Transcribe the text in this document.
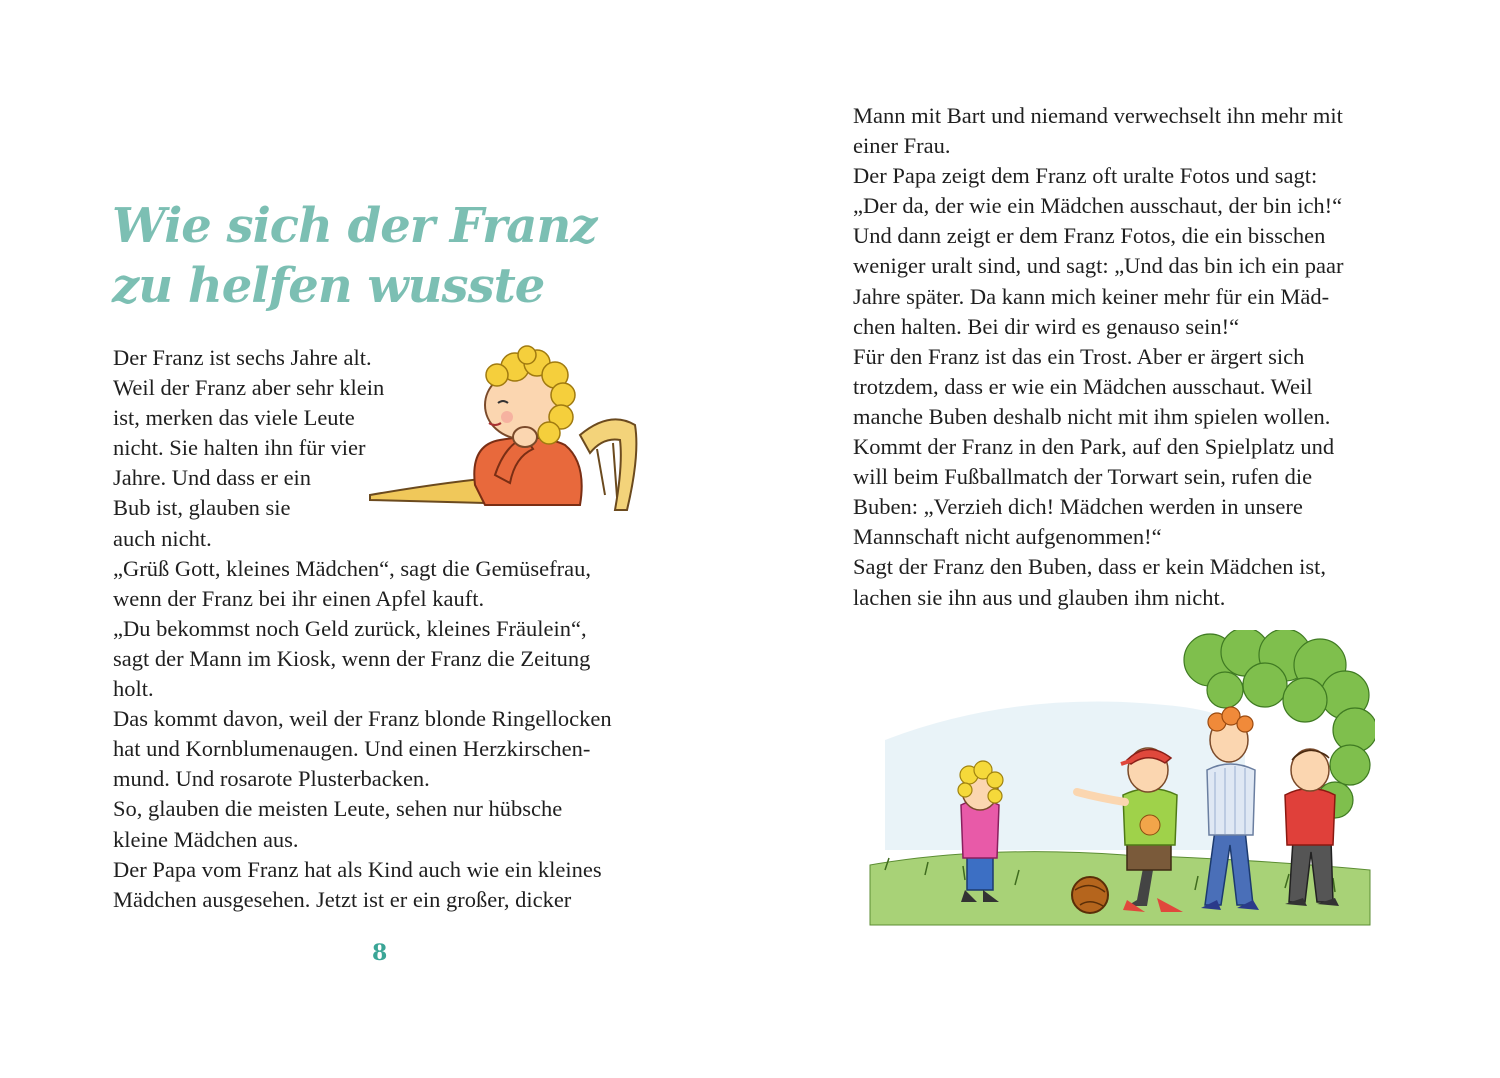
Wie sich der Franz
zu helfen wusste

Der Franz ist sechs Jahre alt.
Weil der Franz aber sehr klein
ist, merken das viele Leute
nicht. Sie halten ihn für vier
Jahre. Und dass er ein
Bub ist, glauben sie
auch nicht.
„Grüß Gott, kleines Mädchen“, sagt die Gemüsefrau,
wenn der Franz bei ihr einen Apfel kauft.
„Du bekommst noch Geld zurück, kleines Fräulein“,
sagt der Mann im Kiosk, wenn der Franz die Zeitung
holt.
Das kommt davon, weil der Franz blonde Ringellocken
hat und Kornblumenaugen. Und einen Herzkirschen-
mund. Und rosarote Plusterbacken.
So, glauben die meisten Leute, sehen nur hübsche
kleine Mädchen aus.
Der Papa vom Franz hat als Kind auch wie ein kleines
Mädchen ausgesehen. Jetzt ist er ein großer, dicker

8

Mann mit Bart und niemand verwechselt ihn mehr mit
einer Frau.
Der Papa zeigt dem Franz oft uralte Fotos und sagt:
„Der da, der wie ein Mädchen ausschaut, der bin ich!“
Und dann zeigt er dem Franz Fotos, die ein bisschen
weniger uralt sind, und sagt: „Und das bin ich ein paar
Jahre später. Da kann mich keiner mehr für ein Mäd-
chen halten. Bei dir wird es genauso sein!“
Für den Franz ist das ein Trost. Aber er ärgert sich
trotzdem, dass er wie ein Mädchen ausschaut. Weil
manche Buben deshalb nicht mit ihm spielen wollen.
Kommt der Franz in den Park, auf den Spielplatz und
will beim Fußballmatch der Torwart sein, rufen die
Buben: „Verzieh dich! Mädchen werden in unsere
Mannschaft nicht aufgenommen!“
Sagt der Franz den Buben, dass er kein Mädchen ist,
lachen sie ihn aus und glauben ihm nicht.
